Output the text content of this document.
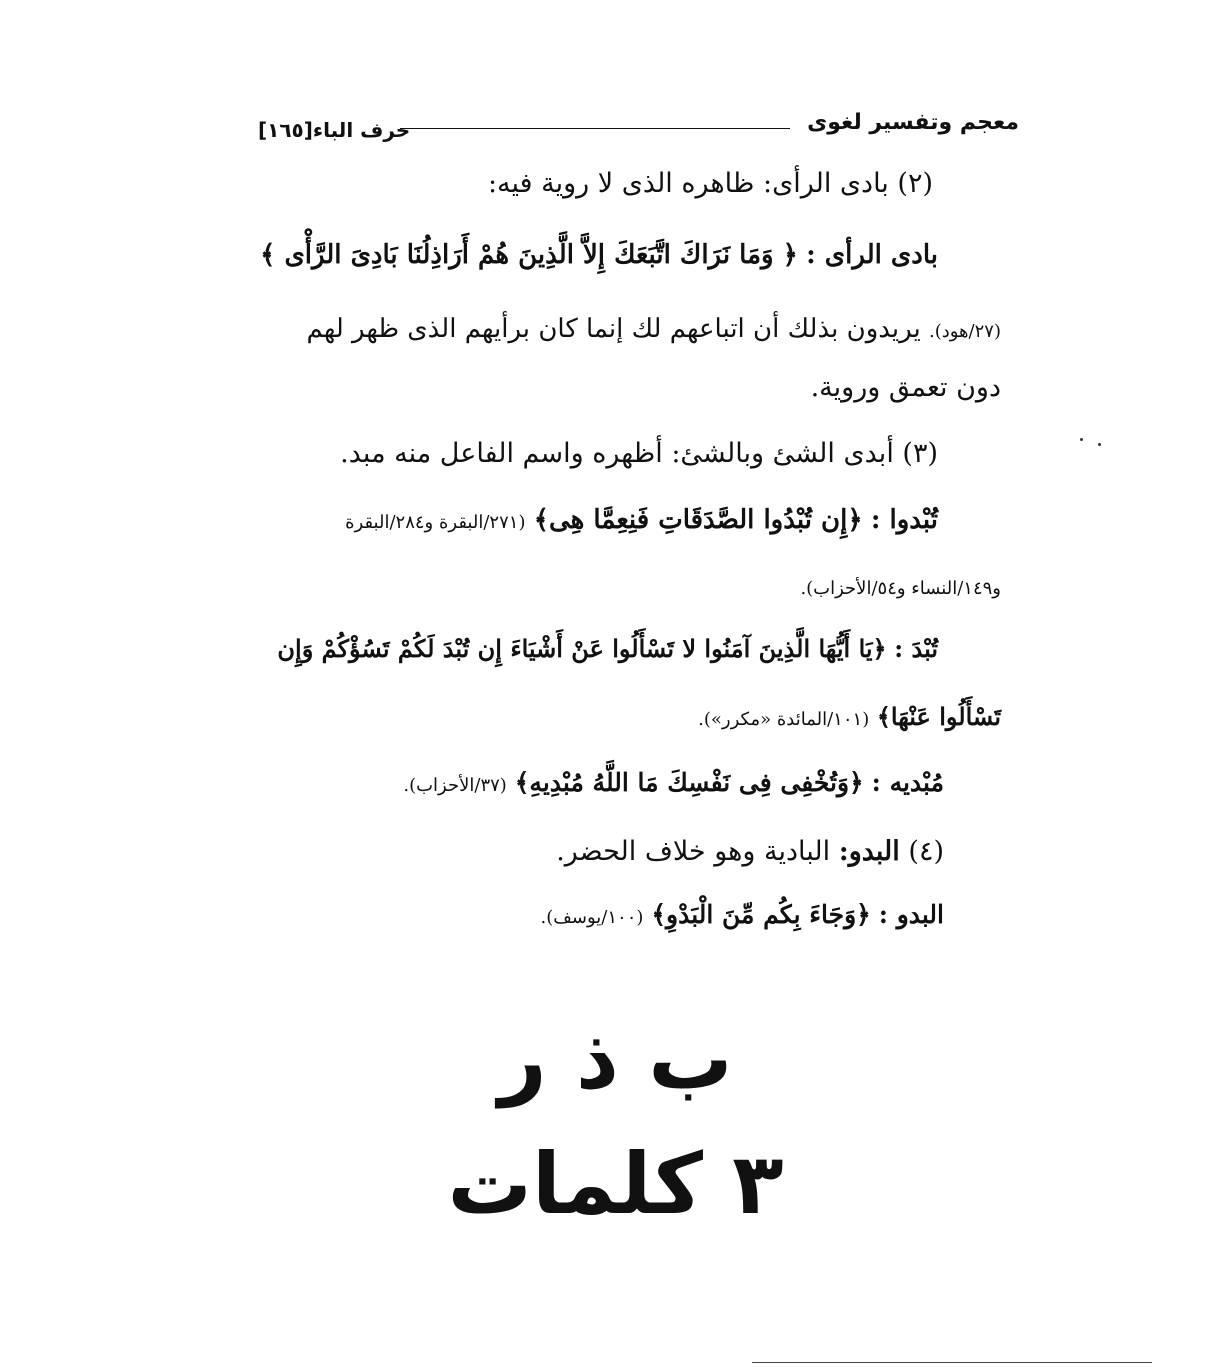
معجم وتفسير لغوى
حرف الباء[١٦٥]
(٢) بادى الرأى: ظاهره الذى لا روية فيه:
بادى الرأى : ﴿ وَمَا نَرَاكَ اتَّبَعَكَ إِلاَّ الَّذِينَ هُمْ أَرَاذِلُنَا بَادِىَ الرَّأْى ﴾
(٢٧/هود). يريدون بذلك أن اتباعهم لك إنما كان برأيهم الذى ظهر لهم
دون تعمق وروية.
(٣) أبدى الشئ وبالشئ: أظهره واسم الفاعل منه مبد.
تُبْدوا : ﴿إِن تُبْدُوا الصَّدَقَاتِ فَنِعِمَّا هِى﴾ (٢٧١/البقرة و٢٨٤/البقرة
و١٤٩/النساء و٥٤/الأحزاب).
تُبْدَ : ﴿يَا أَيُّهَا الَّذِينَ آمَنُوا لا تَسْأَلُوا عَنْ أَشْيَاءَ إِن تُبْدَ لَكُمْ تَسُؤْكُمْ وَإِن
تَسْأَلُوا عَنْهَا﴾ (١٠١/المائدة «مكرر»).
مُبْديه : ﴿وَتُخْفِى فِى نَفْسِكَ مَا اللَّهُ مُبْدِيهِ﴾ (٣٧/الأحزاب).
(٤) البدو: البادية وهو خلاف الحضر.
البدو : ﴿وَجَاءَ بِكُم مِّنَ الْبَدْوِ﴾ (١٠٠/يوسف).
ب ذ ر
٣ كلمات
